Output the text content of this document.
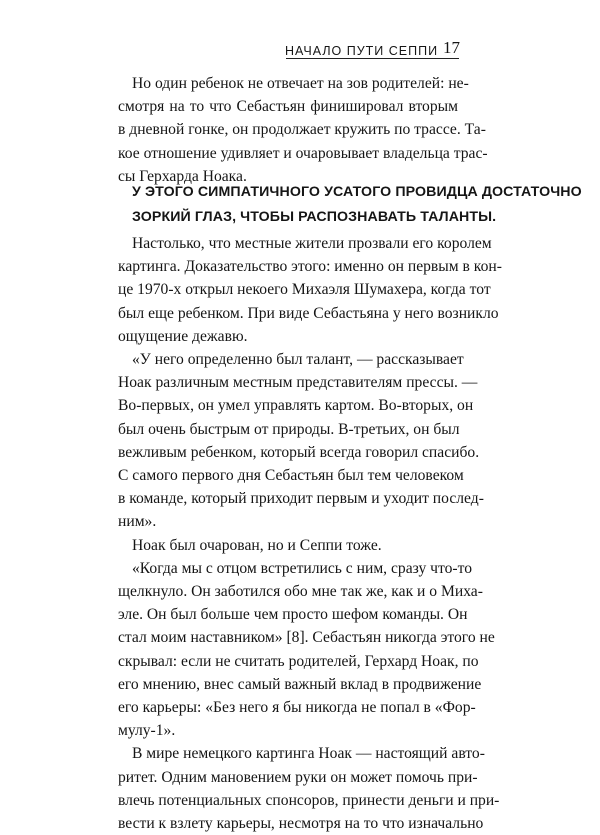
НАЧАЛО ПУТИ СЕППИ 17
Но один ребенок не отвечает на зов родителей: не-
смотря на то что Себастьян финишировал вторым
в дневной гонке, он продолжает кружить по трассе. Та-
кое отношение удивляет и очаровывает владельца трас-
сы Герхарда Ноака.
У ЭТОГО СИМПАТИЧНОГО УСАТОГО ПРОВИДЦА ДОСТАТОЧНО
ЗОРКИЙ ГЛАЗ, ЧТОБЫ РАСПОЗНАВАТЬ ТАЛАНТЫ.
Настолько, что местные жители прозвали его королем
картинга. Доказательство этого: именно он первым в кон-
це 1970-х открыл некоего Михаэля Шумахера, когда тот
был еще ребенком. При виде Себастьяна у него возникло
ощущение дежавю.
«У него определенно был талант, — рассказывает
Ноак различным местным представителям прессы. —
Во-первых, он умел управлять картом. Во-вторых, он
был очень быстрым от природы. В-третьих, он был
вежливым ребенком, который всегда говорил спасибо.
С самого первого дня Себастьян был тем человеком
в команде, который приходит первым и уходит послед-
ним».
Ноак был очарован, но и Сеппи тоже.
«Когда мы с отцом встретились с ним, сразу что-то
щелкнуло. Он заботился обо мне так же, как и о Миха-
эле. Он был больше чем просто шефом команды. Он
стал моим наставником» [8]. Себастьян никогда этого не
скрывал: если не считать родителей, Герхард Ноак, по
его мнению, внес самый важный вклад в продвижение
его карьеры: «Без него я бы никогда не попал в «Фор-
мулу-1».
В мире немецкого картинга Ноак — настоящий авто-
ритет. Одним мановением руки он может помочь при-
влечь потенциальных спонсоров, принести деньги и при-
вести к взлету карьеры, несмотря на то что изначально
